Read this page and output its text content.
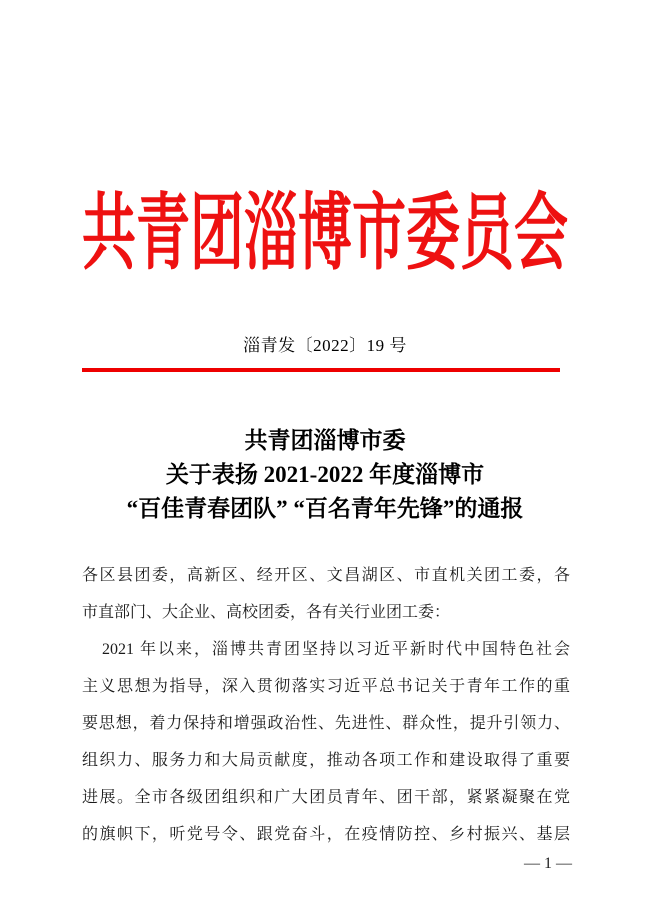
共青团淄博市委员会
淄青发〔2022〕19 号
共青团淄博市委
关于表扬 2021-2022 年度淄博市
“百佳青春团队” “百名青年先锋”的通报
各区县团委，高新区、经开区、文昌湖区、市直机关团工委，各
市直部门、大企业、高校团委，各有关行业团工委：
2021 年以来，淄博共青团坚持以习近平新时代中国特色社会
主义思想为指导，深入贯彻落实习近平总书记关于青年工作的重
要思想，着力保持和增强政治性、先进性、群众性，提升引领力、
组织力、服务力和大局贡献度，推动各项工作和建设取得了重要
进展。全市各级团组织和广大团员青年、团干部，紧紧凝聚在党
的旗帜下，听党号令、跟党奋斗，在疫情防控、乡村振兴、基层
— 1 —
